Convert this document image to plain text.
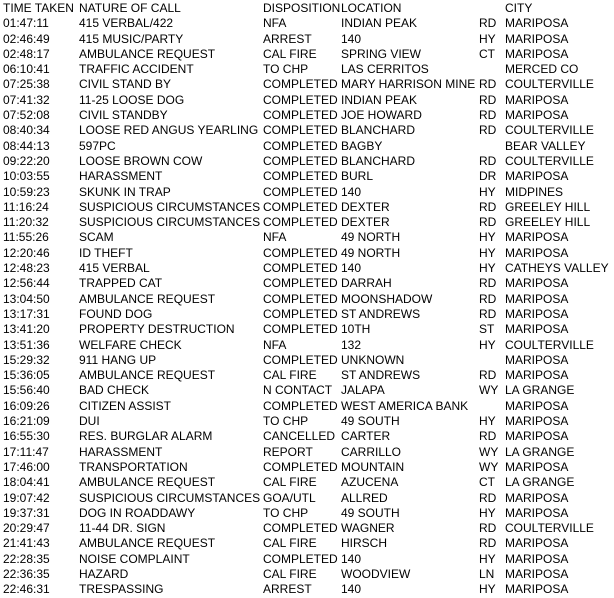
TIME TAKEN NATURE OF CALL	DISPOSITION LOCATION	CITY
01:47:11	415 VERBAL/422	NFA	INDIAN PEAK	RD MARIPOSA
02:46:49	415 MUSIC/PARTY	ARREST	140	HY MARIPOSA
02:48:17	AMBULANCE REQUEST	CAL FIRE	SPRING VIEW	CT MARIPOSA
06:10:41	TRAFFIC ACCIDENT	TO CHP	LAS CERRITOS	MERCED CO
07:25:38	CIVIL STAND BY	COMPLETED MARY HARRISON MINE RD COULTERVILLE
07:41:32	11-25 LOOSE DOG	COMPLETED INDIAN PEAK	RD MARIPOSA
07:52:08	CIVIL STANDBY	COMPLETED JOE HOWARD	RD MARIPOSA
08:40:34	LOOSE RED ANGUS YEARLING COMPLETED BLANCHARD	RD COULTERVILLE
08:44:13	597PC	COMPLETED BAGBY	BEAR VALLEY
09:22:20	LOOSE BROWN COW	COMPLETED BLANCHARD	RD COULTERVILLE
10:03:55	HARASSMENT	COMPLETED BURL	DR MARIPOSA
10:59:23	SKUNK IN TRAP	COMPLETED 140	HY MIDPINES
11:16:24	SUSPICIOUS CIRCUMSTANCES COMPLETED DEXTER	RD GREELEY HILL
11:20:32	SUSPICIOUS CIRCUMSTANCES COMPLETED DEXTER	RD GREELEY HILL
11:55:26	SCAM	NFA	49 NORTH	HY MARIPOSA
12:20:46	ID THEFT	COMPLETED 49 NORTH	HY MARIPOSA
12:48:23	415 VERBAL	COMPLETED 140	HY CATHEYS VALLEY
12:56:44	TRAPPED CAT	COMPLETED DARRAH	RD MARIPOSA
13:04:50	AMBULANCE REQUEST	COMPLETED MOONSHADOW	RD MARIPOSA
13:17:31	FOUND DOG	COMPLETED ST ANDREWS	RD MARIPOSA
13:41:20	PROPERTY DESTRUCTION	COMPLETED 10TH	ST MARIPOSA
13:51:36	WELFARE CHECK	NFA	132	HY COULTERVILLE
15:29:32	911 HANG UP	COMPLETED UNKNOWN	MARIPOSA
15:36:05	AMBULANCE REQUEST	CAL FIRE	ST ANDREWS	RD MARIPOSA
15:56:40	BAD CHECK	N CONTACT JALAPA	WY LA GRANGE
16:09:26	CITIZEN ASSIST	COMPLETED WEST AMERICA BANK	MARIPOSA
16:21:09	DUI	TO CHP	49 SOUTH	HY MARIPOSA
16:55:30	RES. BURGLAR ALARM	CANCELLED CARTER	RD MARIPOSA
17:11:47	HARASSMENT	REPORT	CARRILLO	WY LA GRANGE
17:46:00	TRANSPORTATION	COMPLETED MOUNTAIN	WY MARIPOSA
18:04:41	AMBULANCE REQUEST	CAL FIRE	AZUCENA	CT LA GRANGE
19:07:42	SUSPICIOUS CIRCUMSTANCES GOA/UTL	ALLRED	RD MARIPOSA
19:37:31	DOG IN ROADDAWY	TO CHP	49 SOUTH	HY MARIPOSA
20:29:47	11-44 DR. SIGN	COMPLETED WAGNER	RD COULTERVILLE
21:41:43	AMBULANCE REQUEST	CAL FIRE	HIRSCH	RD MARIPOSA
22:28:35	NOISE COMPLAINT	COMPLETED 140	HY MARIPOSA
22:36:35	HAZARD	CAL FIRE	WOODVIEW	LN MARIPOSA
22:46:31	TRESPASSING	ARREST	140	HY MARIPOSA
